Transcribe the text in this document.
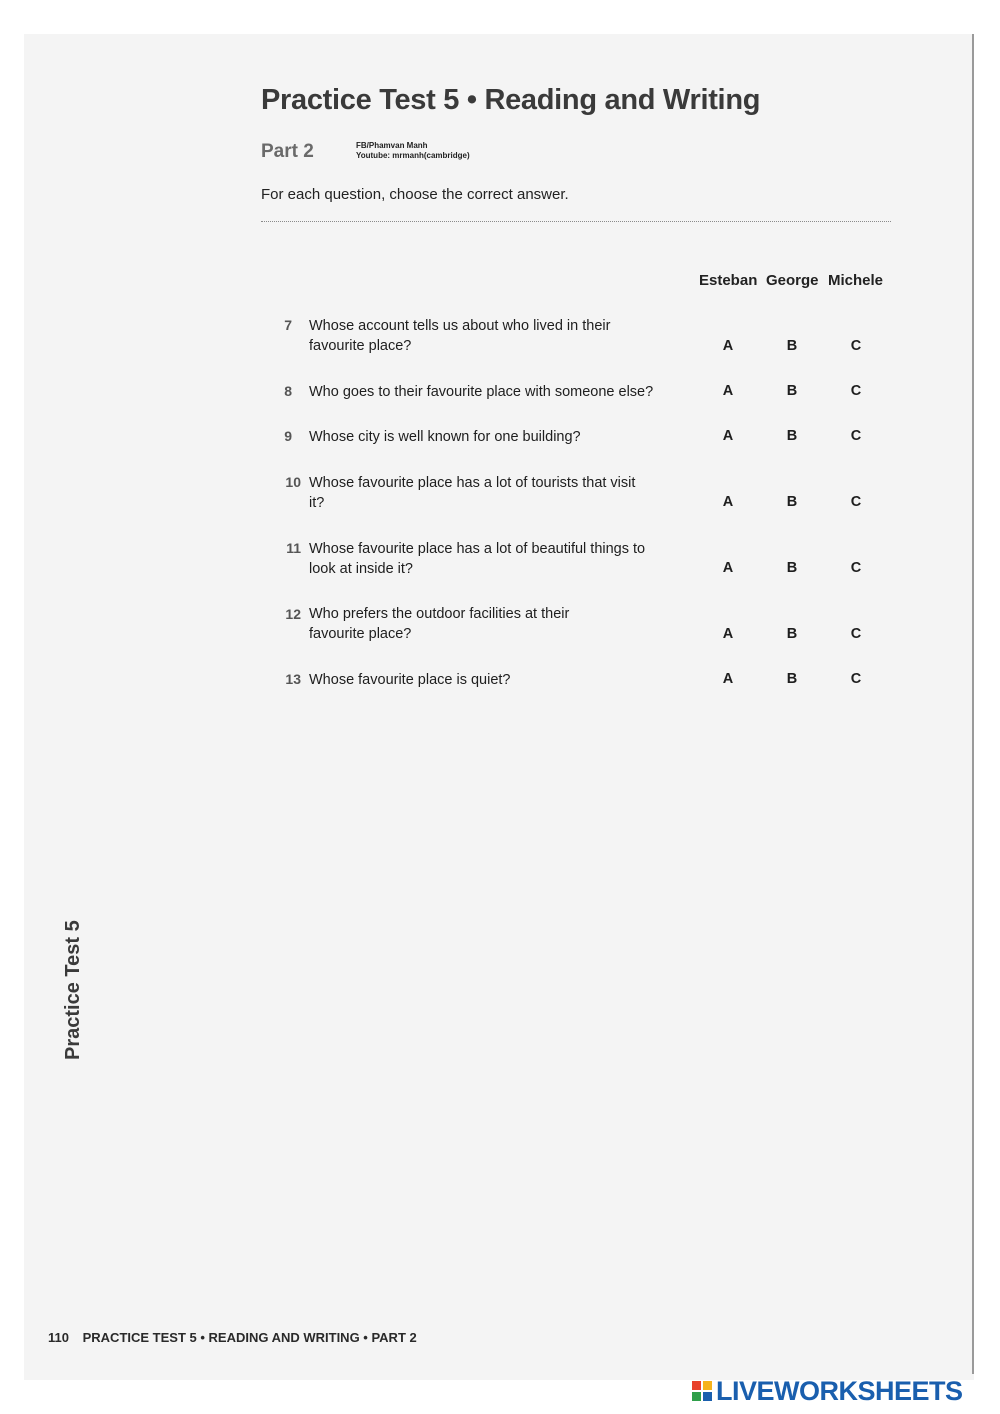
Practice Test 5 • Reading and Writing
Part 2	FB/Phamvan Manh
Youtube: mrmanh(cambridge)
For each question, choose the correct answer.
Esteban George Michele
7 Whose account tells us about who lived in their favourite place?	A	B	C
8 Who goes to their favourite place with someone else?	A	B	C
9 Whose city is well known for one building?	A	B	C
10 Whose favourite place has a lot of tourists that visit it?	A	B	C
11 Whose favourite place has a lot of beautiful things to look at inside it?	A	B	C
12 Who prefers the outdoor facilities at their favourite place?	A	B	C
13 Whose favourite place is quiet?	A	B	C
Practice Test 5
110 PRACTICE TEST 5 • READING AND WRITING • PART 2
LIVEWORKSHEETS
